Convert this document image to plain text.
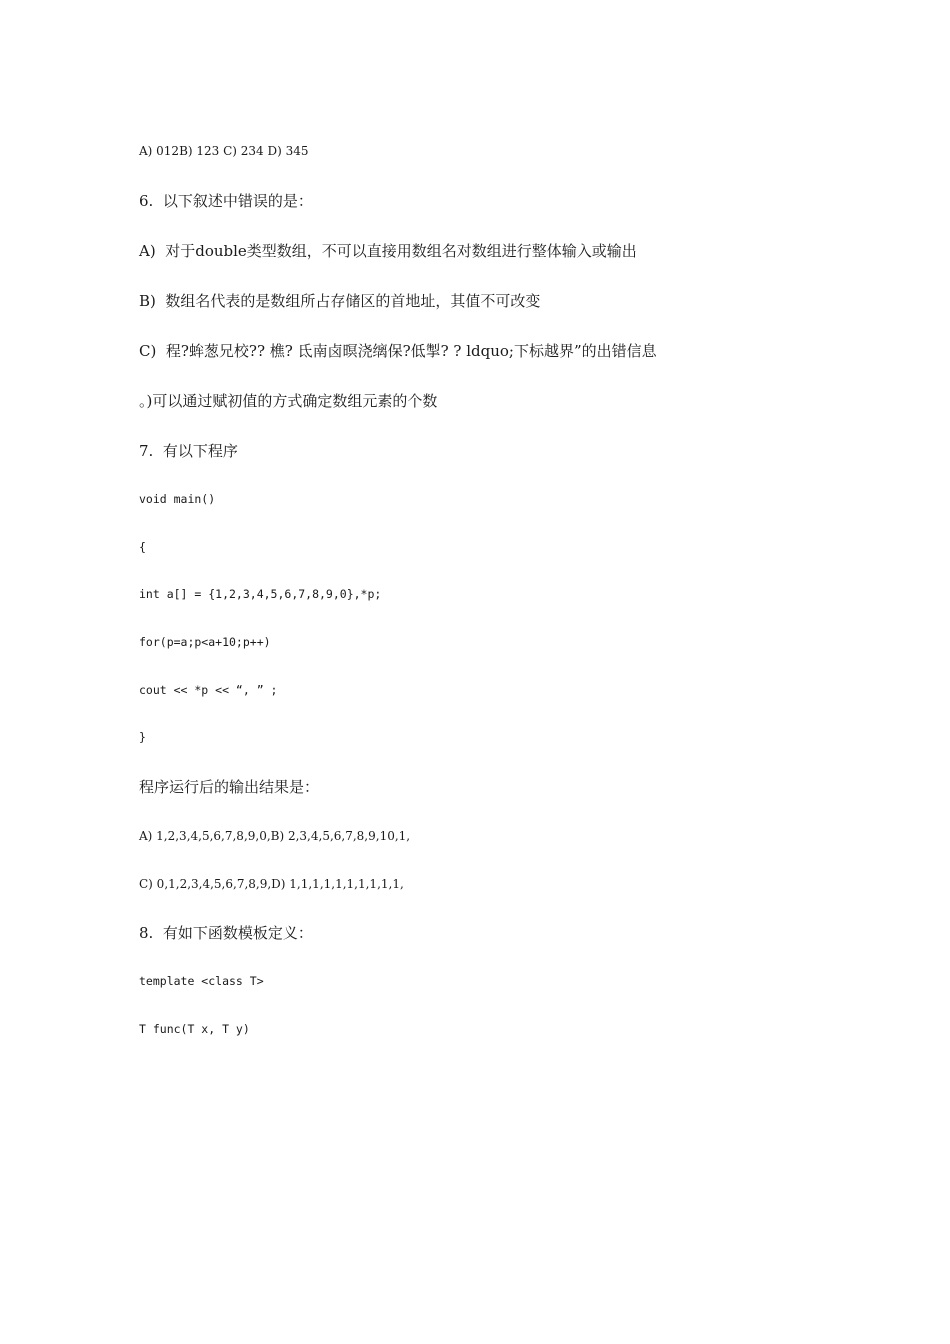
A) 012B) 123 C) 234 D) 345
6.  以下叙述中错误的是：
A)  对于double类型数组，不可以直接用数组名对数组进行整体输入或输出
B)  数组名代表的是数组所占存储区的首地址，其值不可改变
C)  程?蛑葱兄校?? 樵? 氐南卤暝浇缡保?低掣? ? ldquo;下标越界”的出错信息
。)可以通过赋初值的方式确定数组元素的个数
7.  有以下程序
void main()
{
int a[] = {1,2,3,4,5,6,7,8,9,0},*p;
for(p=a;p<a+10;p++)
cout << *p << “, ” ;
}
程序运行后的输出结果是：
A) 1,2,3,4,5,6,7,8,9,0,B) 2,3,4,5,6,7,8,9,10,1,
C) 0,1,2,3,4,5,6,7,8,9,D) 1,1,1,1,1,1,1,1,1,1,
8.  有如下函数模板定义：
template <class T>
T func(T x, T y)
